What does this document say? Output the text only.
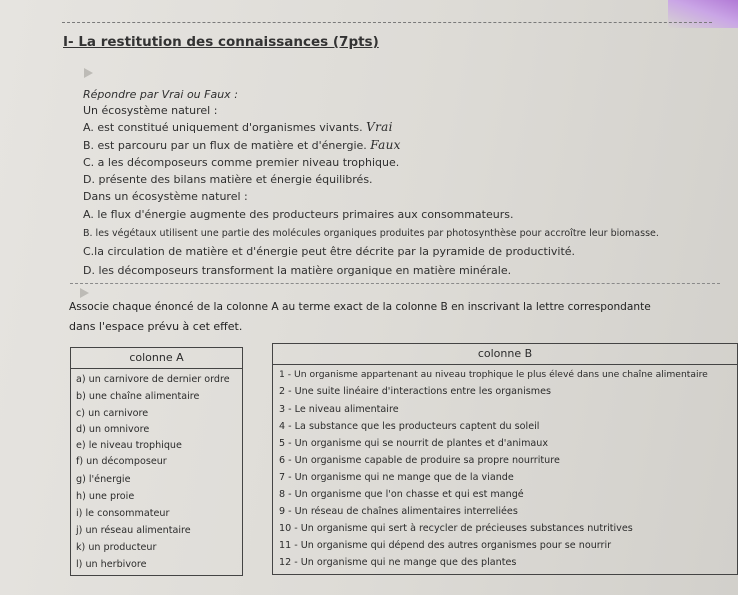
I- La restitution des connaissances (7pts)
Répondre par Vrai ou Faux :
Un écosystème naturel :
A. est constitué uniquement d'organismes vivants. Vrai
B. est parcouru par un flux de matière et d'énergie. Faux
C. a les décomposeurs comme premier niveau trophique.
D. présente des bilans matière et énergie équilibrés.
Dans un écosystème naturel :
A. le flux d'énergie augmente des producteurs primaires aux consommateurs.
B. les végétaux utilisent une partie des molécules organiques produites par photosynthèse pour accroître leur biomasse.
C.la circulation de matière et d'énergie peut être décrite par la pyramide de productivité.
D. les décomposeurs transforment la matière organique en matière minérale.
Associe chaque énoncé de la colonne A au terme exact de la colonne B en inscrivant la lettre correspondante
dans l'espace prévu à cet effet.
colonne A
a) un carnivore de dernier ordre
b) une chaîne alimentaire
c) un carnivore
d) un omnivore
e) le niveau trophique
f) un décomposeur
g) l'énergie
h) une proie
i) le consommateur
j) un réseau alimentaire
k) un producteur
l) un herbivore
colonne B
1 - Un organisme appartenant au niveau trophique le plus élevé dans une chaîne alimentaire
2 - Une suite linéaire d'interactions entre les organismes
3 - Le niveau alimentaire
4 - La substance que les producteurs captent du soleil
5 - Un organisme qui se nourrit de plantes et d'animaux
6 - Un organisme capable de produire sa propre nourriture
7 - Un organisme qui ne mange que de la viande
8 - Un organisme que l'on chasse et qui est mangé
9 - Un réseau de chaînes alimentaires interreliées
10 - Un organisme qui sert à recycler de précieuses substances nutritives
11 - Un organisme qui dépend des autres organismes pour se nourrir
12 - Un organisme qui ne mange que des plantes
